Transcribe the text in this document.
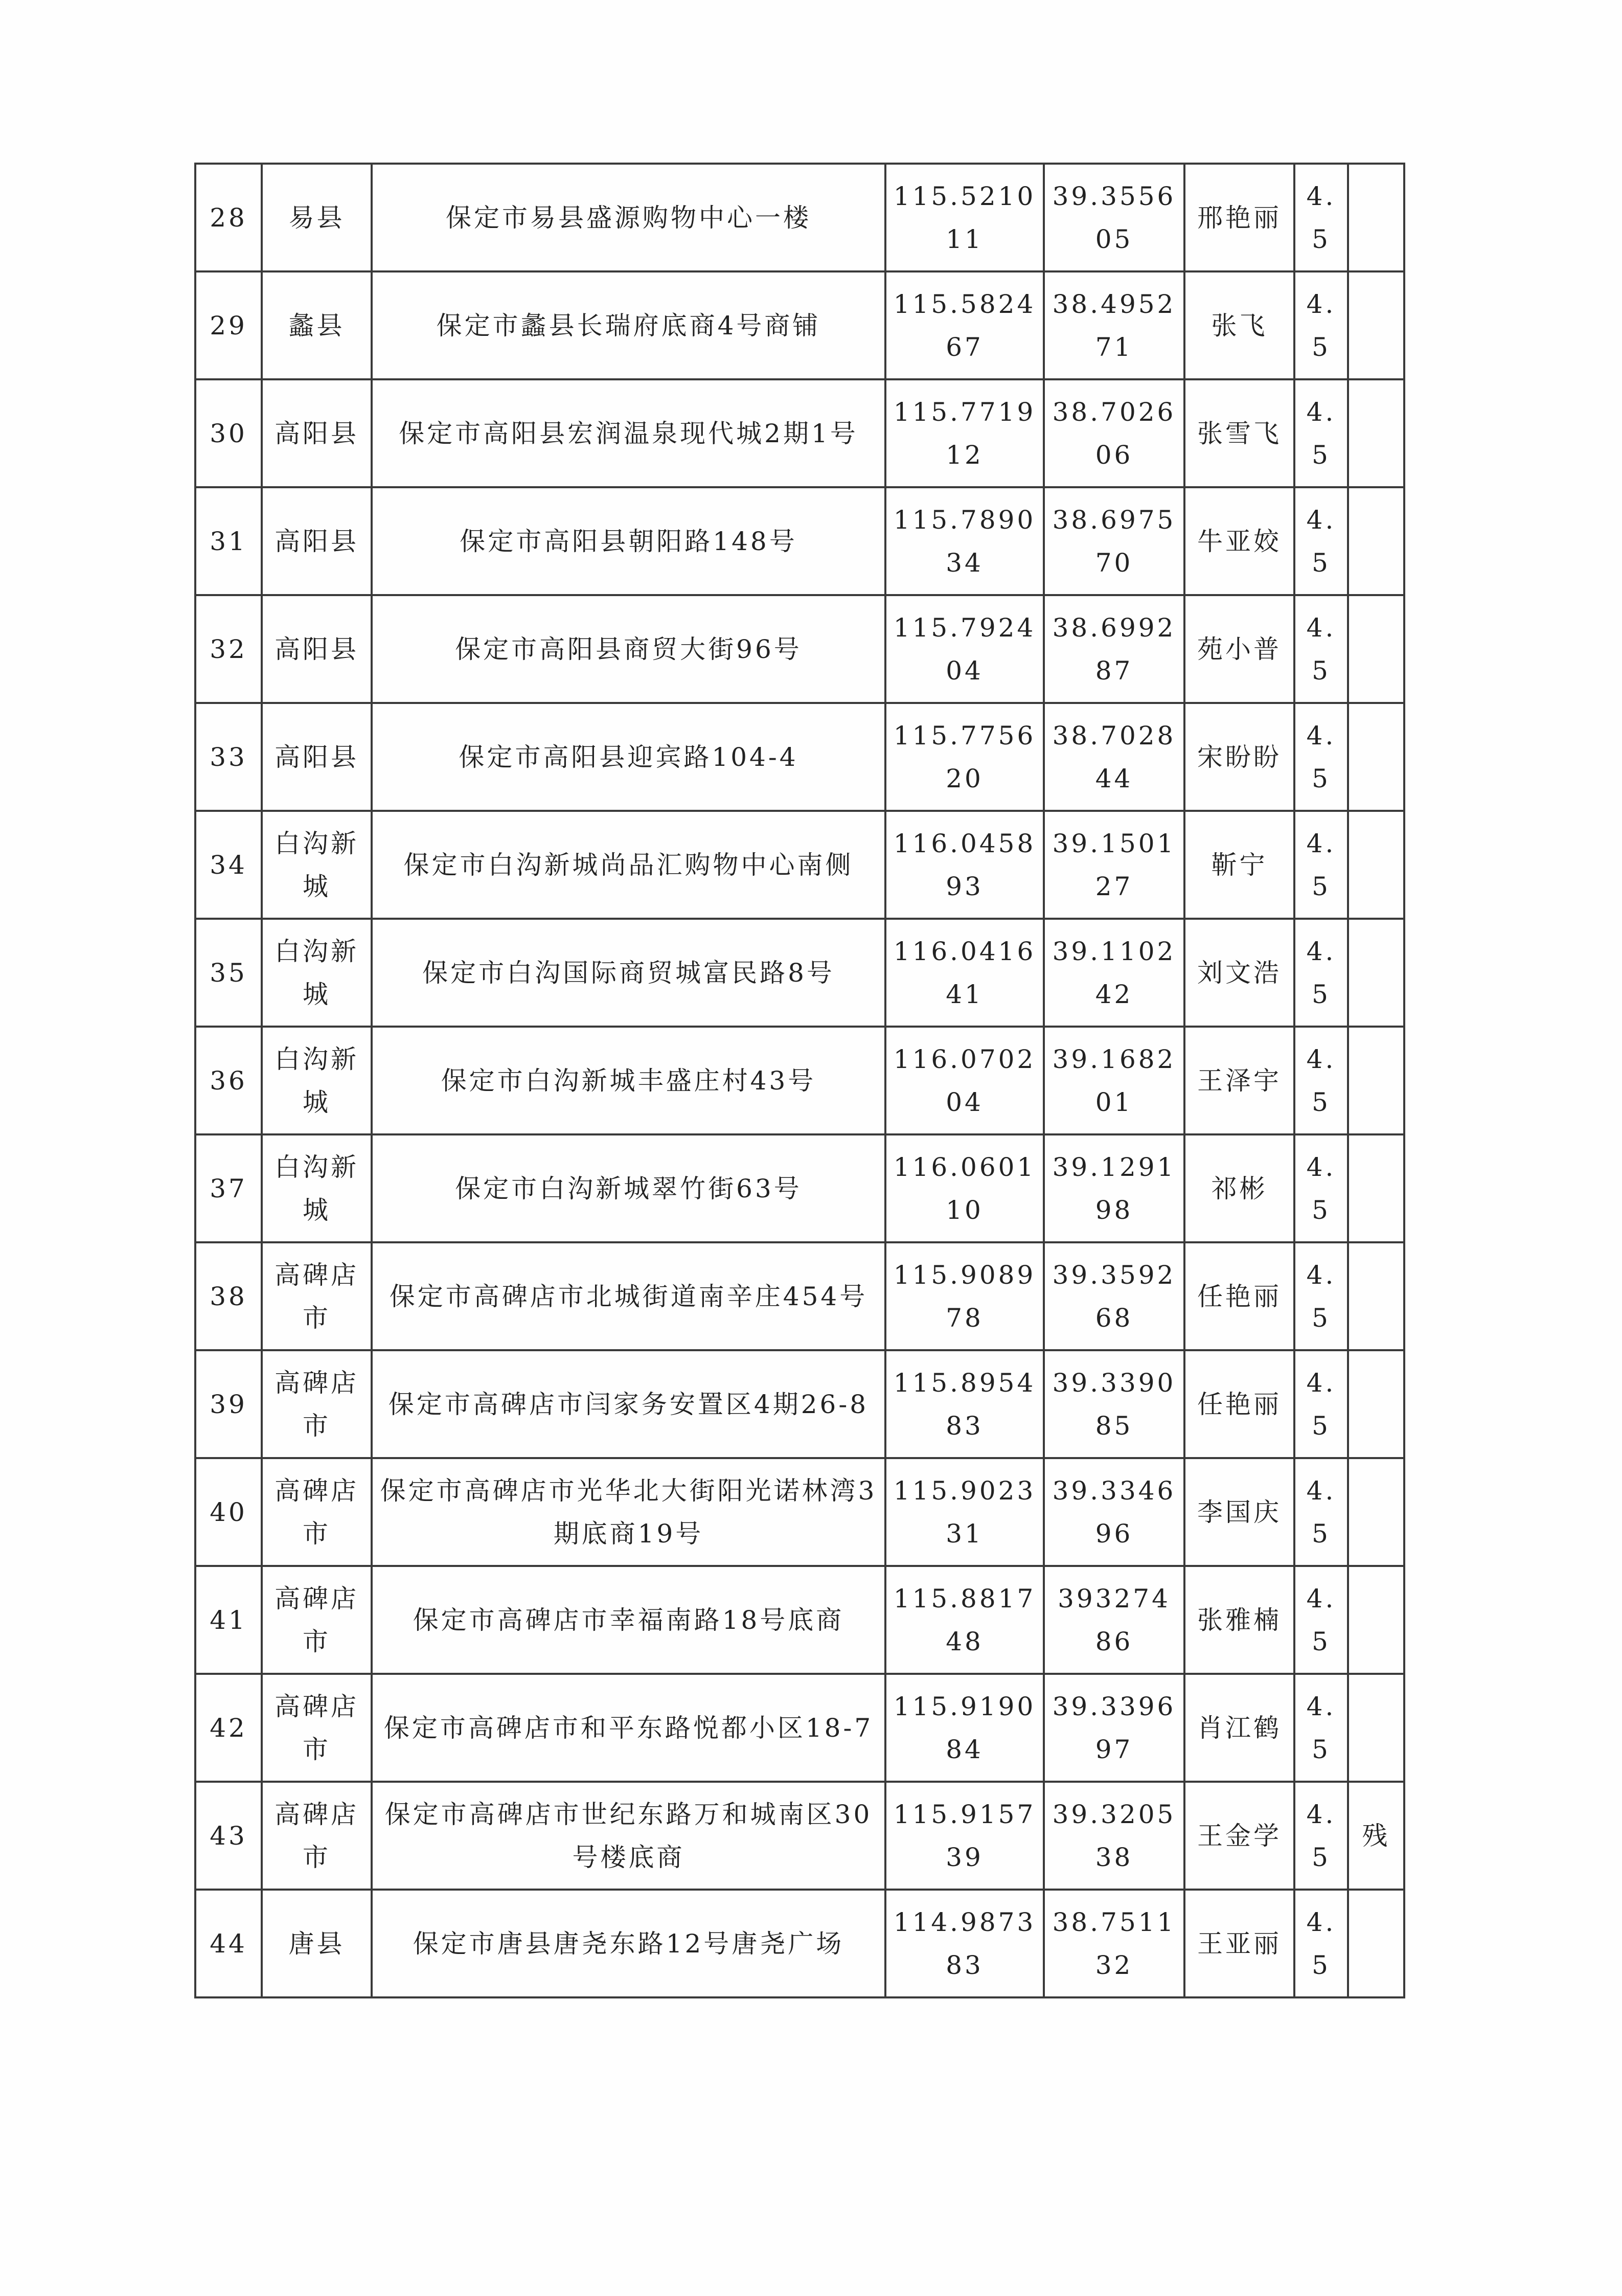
28	易县	保定市易县盛源购物中心一楼	115.521011	39.355605	邢艳丽	4.5	
29	蠡县	保定市蠡县长瑞府底商4号商铺	115.582467	38.495271	张飞	4.5	
30	高阳县	保定市高阳县宏润温泉现代城2期1号	115.771912	38.702606	张雪飞	4.5	
31	高阳县	保定市高阳县朝阳路148号	115.789034	38.697570	牛亚姣	4.5	
32	高阳县	保定市高阳县商贸大街96号	115.792404	38.699287	苑小普	4.5	
33	高阳县	保定市高阳县迎宾路104-4	115.775620	38.702844	宋盼盼	4.5	
34	白沟新城	保定市白沟新城尚品汇购物中心南侧	116.045893	39.150127	靳宁	4.5	
35	白沟新城	保定市白沟国际商贸城富民路8号	116.041641	39.110242	刘文浩	4.5	
36	白沟新城	保定市白沟新城丰盛庄村43号	116.070204	39.168201	王泽宇	4.5	
37	白沟新城	保定市白沟新城翠竹街63号	116.060110	39.129198	祁彬	4.5	
38	高碑店市	保定市高碑店市北城街道南辛庄454号	115.908978	39.359268	任艳丽	4.5	
39	高碑店市	保定市高碑店市闫家务安置区4期26-8	115.895483	39.339085	任艳丽	4.5	
40	高碑店市	保定市高碑店市光华北大街阳光诺林湾3期底商19号	115.902331	39.334696	李国庆	4.5	
41	高碑店市	保定市高碑店市幸福南路18号底商	115.881748	39327486	张雅楠	4.5	
42	高碑店市	保定市高碑店市和平东路悦都小区18-7	115.919084	39.339697	肖江鹤	4.5	
43	高碑店市	保定市高碑店市世纪东路万和城南区30号楼底商	115.915739	39.320538	王金学	4.5	残
44	唐县	保定市唐县唐尧东路12号唐尧广场	114.987383	38.751132	王亚丽	4.5	
